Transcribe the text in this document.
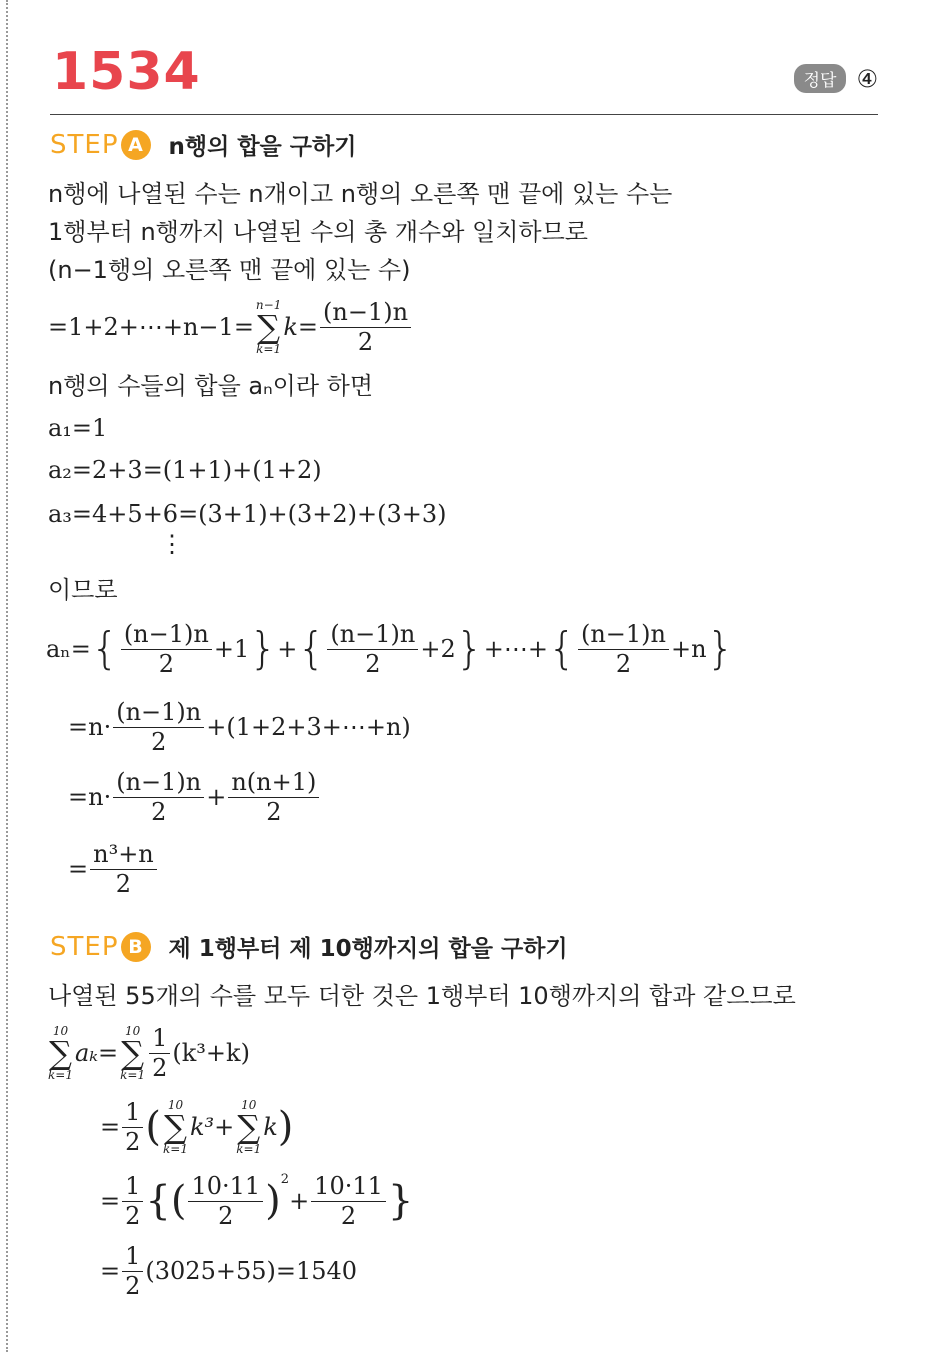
1534	정답 ④
STEP A	n행의 합을 구하기
n행에 나열된 수는 n개이고 n행의 오른쪽 맨 끝에 있는 수는
1행부터 n행까지 나열된 수의 총 개수와 일치하므로
(n−1행의 오른쪽 맨 끝에 있는 수)
=1+2+⋯+n−1=
n−1
∑
k=1
$k= \frac{(n-1)n}{2}$
n행의 수들의 합을 aₙ이라 하면
a₁=1
a₂=2+3=(1+1)+(1+2)
a₃=4+5+6=(3+1)+(3+2)+(3+3)
⋮
이므로
aₙ= { $\frac{(n-1)n}{2} +1$ } + { $\frac{(n-1)n}{2} +2$ } +⋯+ { $\frac{(n-1)n}{2} +n$ }
$=n\cdot \frac{(n-1)n}{2}$ +(1+2+3+⋯+n)
$=n\cdot \frac{(n-1)n}{2} + \frac{n(n+1)}{2}$
= $\frac{\text{n³+n}}{2}$
STEP B	제 1행부터 제 10행까지의 합을 구하기
나열된 55개의 수를 모두 더한 것은 1행부터 10행까지의 합과 같으므로
10
∑
k=1
aₖ=
10
∑
$k=1 \frac{1}{2} (k^3+k)$
= $\frac{1}{2}$ ( 10
∑
k=1
k³ +
10
∑
k=1
k )
= $\frac{1}{2}$ { ( $\frac{10\cdot 11}{2} )^2$
+ $\frac{10\cdot 11}{2}$ }
= $\frac{1}{2} (3025+55)=1540$
